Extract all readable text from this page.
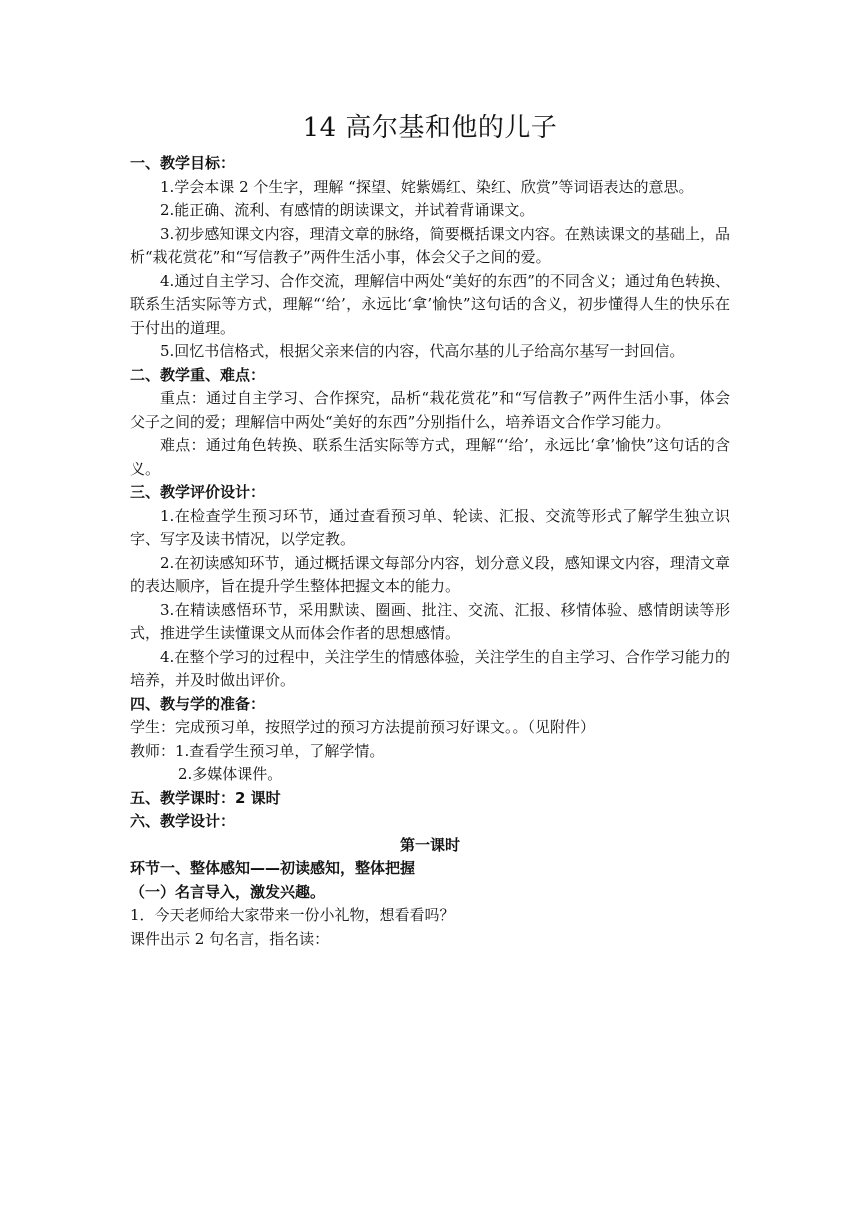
14 高尔基和他的儿子

一、教学目标：

1.学会本课 2 个生字，理解 “探望、姹紫嫣红、染红、欣赏”等词语表达的意思。

2.能正确、流利、有感情的朗读课文，并试着背诵课文。

3.初步感知课文内容，理清文章的脉络，简要概括课文内容。在熟读课文的基础上，品析“栽花赏花”和“写信教子”两件生活小事，体会父子之间的爱。

4.通过自主学习、合作交流，理解信中两处“美好的东西”的不同含义；通过角色转换、联系生活实际等方式，理解“‘给’，永远比‘拿’愉快”这句话的含义，初步懂得人生的快乐在于付出的道理。

5.回忆书信格式，根据父亲来信的内容，代高尔基的儿子给高尔基写一封回信。

二、教学重、难点：

重点：通过自主学习、合作探究，品析“栽花赏花”和“写信教子”两件生活小事，体会父子之间的爱；理解信中两处“美好的东西”分别指什么，培养语文合作学习能力。

难点：通过角色转换、联系生活实际等方式，理解“‘给’，永远比‘拿’愉快”这句话的含义。

三、教学评价设计：

1.在检查学生预习环节，通过查看预习单、轮读、汇报、交流等形式了解学生独立识字、写字及读书情况，以学定教。

2.在初读感知环节，通过概括课文每部分内容，划分意义段，感知课文内容，理清文章的表达顺序，旨在提升学生整体把握文本的能力。

3.在精读感悟环节，采用默读、圈画、批注、交流、汇报、移情体验、感情朗读等形式，推进学生读懂课文从而体会作者的思想感情。

4.在整个学习的过程中，关注学生的情感体验，关注学生的自主学习、合作学习能力的培养，并及时做出评价。

四、教与学的准备：

学生：完成预习单，按照学过的预习方法提前预习好课文。。（见附件）

教师：1.查看学生预习单，了解学情。

2.多媒体课件。

五、教学课时：2 课时

六、教学设计：

第一课时

环节一、整体感知——初读感知，整体把握

（一）名言导入，激发兴趣。

1．今天老师给大家带来一份小礼物，想看看吗？

课件出示 2 句名言，指名读：
